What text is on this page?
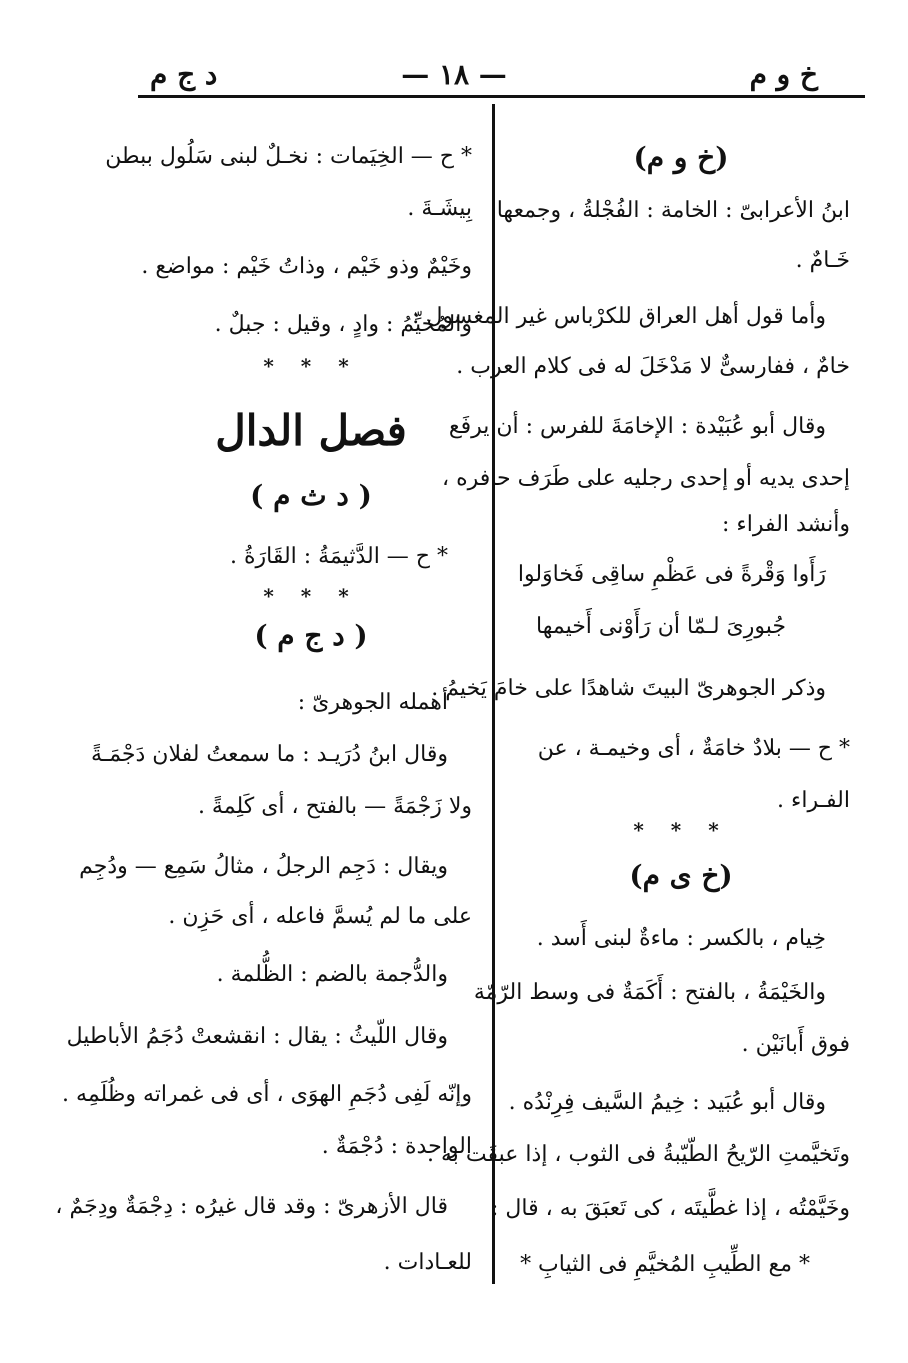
خ و م
— ١٨ —
د ج م
(خ و م)
ابنُ الأعرابىّ : الخامة : الفُجْلةُ ، وجمعها
خَـامٌ .
وأما قول أهل العراق للكرْباس غير المغسول :
خامٌ ، ففارسىٌّ لا مَدْخَلَ له فى كلام العرب .
وقال أبو عُبَيْدة : الإخامَةَ للفرس : أن يرفَع
إحدى يديه أو إحدى رجليه على طَرَف حافره ،
وأنشد الفراء :
رَأَوا وَقْرةً فى عَظْمِ ساقِى فَخاوَلوا
جُبورِىَ لـمّا أن رَأَوْنى أَخيمها
وذكر الجوهرىّ البيتَ شاهدًا على خامَ يَخيمُ .
* ح — بلادٌ خامَةٌ ، أى وخيمـة ، عن
الفـراء .
* * *
(خ ى م)
خِيام ، بالكسر : ماءةٌ لبنى أَسد .
والخَيْمَةُ ، بالفتح : أَكَمَةٌ فى وسط الرّمّة
فوق أَبانَيْن .
وقال أبو عُبَيد : خِيمُ السَّيف فِرِنْدُه .
وتَخيَّمتِ الرّيحُ الطّيّبةُ فى الثوب ، إذا عبقَت به .
وخَيَّمْتُه ، إذا غطَّيتَه ، كى تَعبَقَ به ، قال :
* مع الطِّيبِ المُخيَّمِ فى الثيابِ *
* ح — الخِيَمات : نخـلٌ لبنى سَلُول ببطن
بِيشَـةَ .
وخَيْمٌ وذو خَيْم ، وذاتُ خَيْم : مواضع .
والمُخيِّمُ : وادٍ ، وقيل : جبلٌ .
* * *
فصل الدال
( د ث م )
* ح — الدَّثيمَةُ : القَارَةُ .
* * *
( د ج م )
أهمله الجوهرىّ :
وقال ابنُ دُرَيـد : ما سمعتُ لفلان دَجْمَـةً
ولا زَجْمَةً — بالفتح ، أى كَلِمةً .
ويقال : دَجِم الرجلُ ، مثالُ سَمِع — ودُجِم
على ما لم يُسمَّ فاعله ، أى حَزِن .
والدُّجمة بالضم : الظُّلمة .
وقال اللّيثُ : يقال : انقشعتْ دُجَمُ الأباطيل
وإنّه لَفِى دُجَمِ الهوَى ، أى فى غمراته وظُلَمِه .
الواحدة : دُجْمَةٌ .
قال الأزهرىّ : وقد قال غيرُه : دِجْمَةٌ ودِجَمٌ ،
للعـادات .
